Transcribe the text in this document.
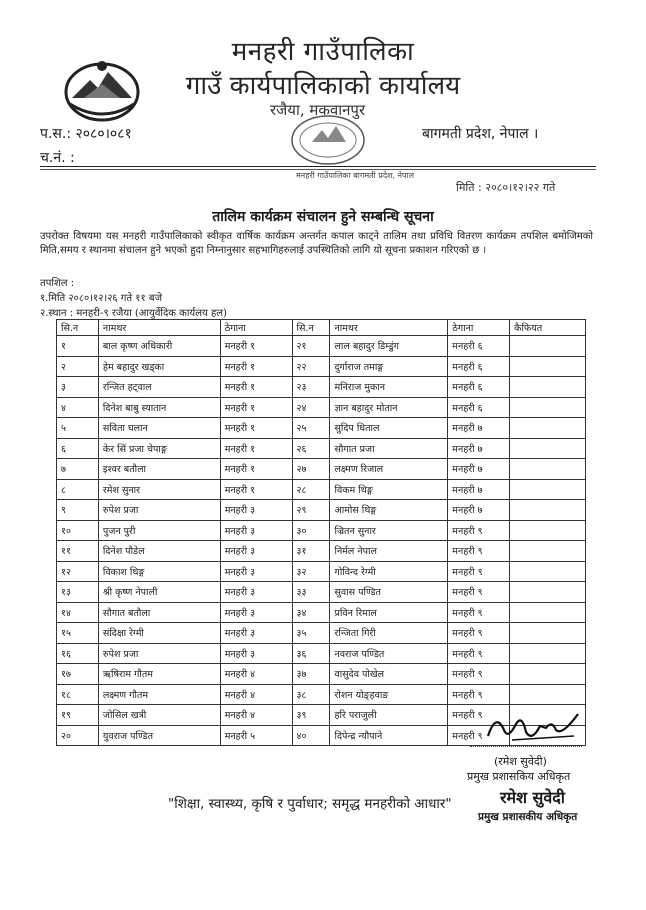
मनहरी गाउँपालिका
गाउँ कार्यपालिकाको कार्यालय
रजैया, मकवानपुर
मनहरी गाउँपालिका बागमती प्रदेश, नेपाल
प.स.: २०८०।०८१
च.नं. :
बागमती प्रदेश, नेपाल ।
मिति : २०८०।१२।२२ गते
तालिम कार्यक्रम संचालन हुने सम्बन्धि सूचना
उपरोक्त विषयमा यस मनहरी गाउँपालिकाको स्वीकृत वार्षिक कार्यक्रम अन्तर्गत कपाल काट्ने तालिम तथा प्रविधि वितरण कार्यक्रम तपशिल बमोजिमको मिति,समय र स्थानमा संचालन हुने भएको हुदा निम्नानुसार सहभागिहरुलाई उपस्थितिको लागि यो सूचना प्रकाशन गरिएको छ ।
तपशिल :
१.मिति २०८०।१२।२६ गते ११ बजे
२.स्थान : मनहरी-९ रजैया (आयुर्वेदिक कार्यलय हल)
सि.न	नामथर	ठेगाना	सि.न	नामथर	ठेगाना	कैफियत
१	बाल कृष्ण अधिकारी	मनहरी १	२१	लाल बहादुर डिम्डुंग	मनहरी ६	
२	हेम बहादुर खड्का	मनहरी १	२२	दुर्गाराज तमाङ्ग	मनहरी ६	
३	रन्जित हट्वाल	मनहरी १	२३	मनिराज मुकान	मनहरी ६	
४	दिनेश बाबु स्यातान	मनहरी १	२४	ज्ञान बहादुर मोतान	मनहरी ६	
५	सविता घलान	मनहरी १	२५	सुदिप धिताल	मनहरी ७	
६	केर सिं प्रजा चेपाङ्ग	मनहरी १	२६	सौगात प्रजा	मनहरी ७	
७	इश्वर बतौला	मनहरी १	२७	लक्ष्मण रिजाल	मनहरी ७	
८	रमेश सुनार	मनहरी १	२८	विकम थिङ्ग	मनहरी ७	
९	रुपेश प्रजा	मनहरी ३	२९	आमोस थिङ्ग	मनहरी ७	
१०	पुजन पुरी	मनहरी ३	३०	ज्रितन सुनार	मनहरी ९	
११	दिनेश पौडेल	मनहरी ३	३१	निर्मल नेपाल	मनहरी ९	
१२	विकाश थिङ्ग	मनहरी ३	३२	गोविन्द रेग्मी	मनहरी ९	
१३	श्री कृष्ण नेपाली	मनहरी ३	३३	सुवास पण्डित	मनहरी ९	
१४	सौगात बतौला	मनहरी ३	३४	प्रविन रिमाल	मनहरी ९	
१५	संदिक्षा रेग्मी	मनहरी ३	३५	रन्जिता गिरी	मनहरी ९	
१६	रुपेश प्रजा	मनहरी ३	३६	नवराज पण्डित	मनहरी ९	
१७	ऋषिराम गौतम	मनहरी ४	३७	वासुदेव पोखेल	मनहरी ९	
१८	लक्ष्मण गौतम	मनहरी ४	३८	रोशन योङ्हवाङ	मनहरी ९	
१९	जोसिल खत्री	मनहरी ४	३९	हरि पराजुली	मनहरी ९	
२०	युवराज पण्डित	मनहरी ५	४०	दिपेन्द्र न्यौपाने	मनहरी ९	
(रमेश सुवेदी)
प्रमुख प्रशासकिय अधिकृत
"शिक्षा, स्वास्थ्य, कृषि र पुर्वाधार; समृद्ध मनहरीको आधार"	रमेश सुवेदी
प्रमुख प्रशासकीय अधिकृत
